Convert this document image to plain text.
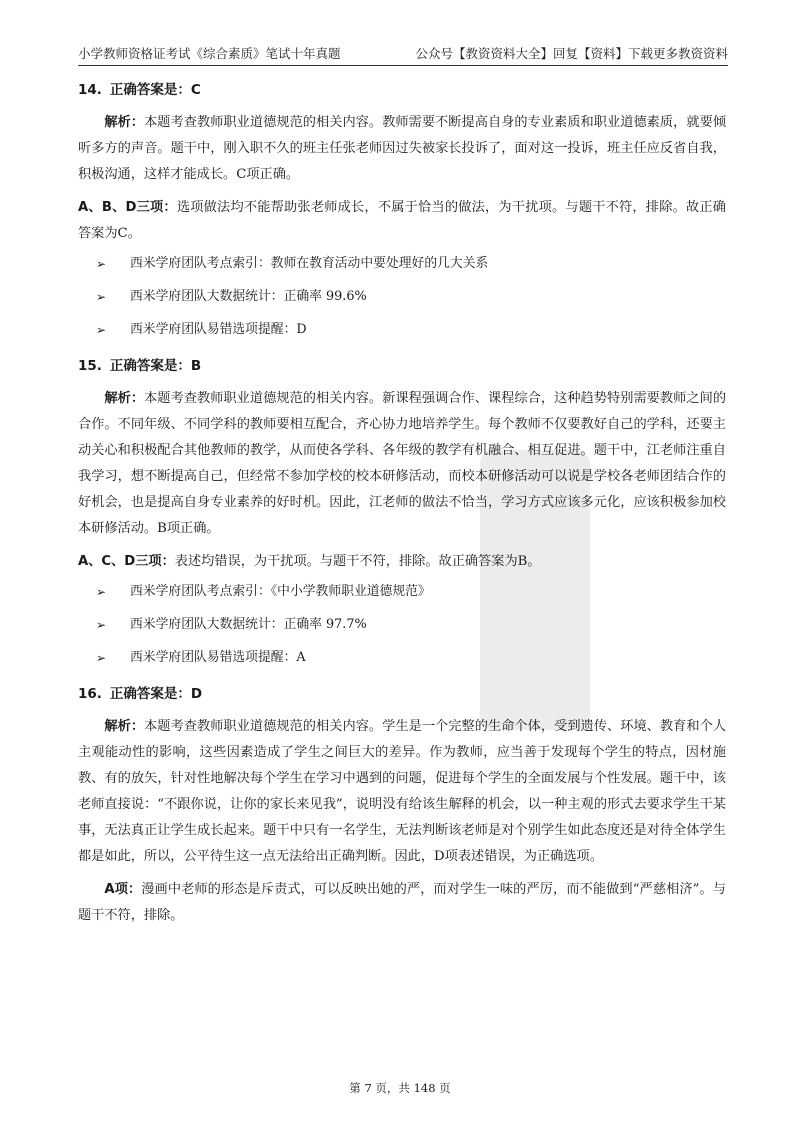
小学教师资格证考试《综合素质》笔试十年真题	公众号【教资资料大全】回复【资料】下载更多教资资料
14. 正确答案是：C

解析：本题考查教师职业道德规范的相关内容。教师需要不断提高自身的专业素质和职业道德素质，就要倾听多方的声音。题干中，刚入职不久的班主任张老师因过失被家长投诉了，面对这一投诉，班主任应反省自我，积极沟通，这样才能成长。C项正确。

A、B、D三项：选项做法均不能帮助张老师成长，不属于恰当的做法，为干扰项。与题干不符，排除。故正确答案为C。

➢	西米学府团队考点索引：教师在教育活动中要处理好的几大关系
➢	西米学府团队大数据统计：正确率 99.6%
➢	西米学府团队易错选项提醒：D
15. 正确答案是：B

解析：本题考查教师职业道德规范的相关内容。新课程强调合作、课程综合，这种趋势特别需要教师之间的合作。不同年级、不同学科的教师要相互配合，齐心协力地培养学生。每个教师不仅要教好自己的学科，还要主动关心和积极配合其他教师的教学，从而使各学科、各年级的教学有机融合、相互促进。题干中，江老师注重自我学习，想不断提高自己，但经常不参加学校的校本研修活动，而校本研修活动可以说是学校各老师团结合作的好机会，也是提高自身专业素养的好时机。因此，江老师的做法不恰当，学习方式应该多元化，应该积极参加校本研修活动。B项正确。

A、C、D三项：表述均错误，为干扰项。与题干不符，排除。故正确答案为B。

➢	西米学府团队考点索引：《中小学教师职业道德规范》
➢	西米学府团队大数据统计：正确率 97.7%
➢	西米学府团队易错选项提醒：A
16. 正确答案是：D

解析：本题考查教师职业道德规范的相关内容。学生是一个完整的生命个体，受到遗传、环境、教育和个人主观能动性的影响，这些因素造成了学生之间巨大的差异。作为教师，应当善于发现每个学生的特点，因材施教、有的放矢，针对性地解决每个学生在学习中遇到的问题，促进每个学生的全面发展与个性发展。题干中，该老师直接说：“不跟你说，让你的家长来见我”，说明没有给该生解释的机会，以一种主观的形式去要求学生干某事，无法真正让学生成长起来。题干中只有一名学生，无法判断该老师是对个别学生如此态度还是对待全体学生都是如此，所以，公平待生这一点无法给出正确判断。因此，D项表述错误，为正确选项。

A项：漫画中老师的形态是斥责式，可以反映出她的严，而对学生一味的严厉，而不能做到“严慈相济”。与题干不符，排除。

第 7 页，共 148 页
